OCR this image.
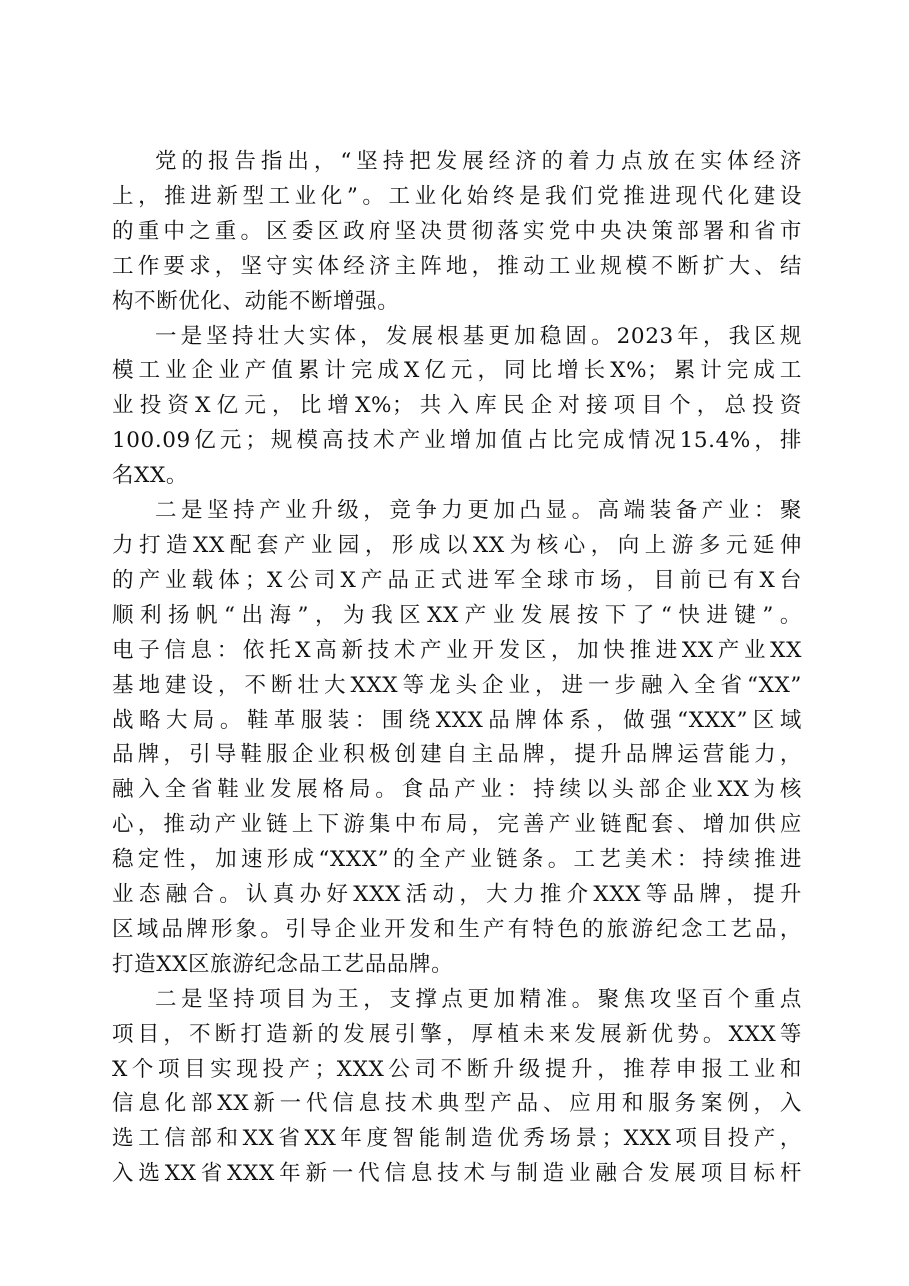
党的报告指出，“坚持把发展经济的着力点放在实体经济
上，推进新型工业化”。工业化始终是我们党推进现代化建设
的重中之重。区委区政府坚决贯彻落实党中央决策部署和省市
工作要求，坚守实体经济主阵地，推动工业规模不断扩大、结
构不断优化、动能不断增强。
一是坚持壮大实体，发展根基更加稳固。2023年，我区规
模工业企业产值累计完成X亿元，同比增长X%；累计完成工
业投资X亿元，比增X%；共入库民企对接项目个，总投资
100.09亿元；规模高技术产业增加值占比完成情况15.4%，排
名XX。
二是坚持产业升级，竞争力更加凸显。高端装备产业：聚
力打造XX配套产业园，形成以XX为核心，向上游多元延伸
的产业载体；X公司X产品正式进军全球市场，目前已有X台
顺利扬帆“出海”，为我区XX产业发展按下了“快进键”。
电子信息：依托X高新技术产业开发区，加快推进XX产业XX
基地建设，不断壮大XXX等龙头企业，进一步融入全省“XX”
战略大局。鞋革服装：围绕XXX品牌体系，做强“XXX”区域
品牌，引导鞋服企业积极创建自主品牌，提升品牌运营能力，
融入全省鞋业发展格局。食品产业：持续以头部企业XX为核
心，推动产业链上下游集中布局，完善产业链配套、增加供应
稳定性，加速形成“XXX”的全产业链条。工艺美术：持续推进
业态融合。认真办好XXX活动，大力推介XXX等品牌，提升
区域品牌形象。引导企业开发和生产有特色的旅游纪念工艺品，
打造XX区旅游纪念品工艺品品牌。
二是坚持项目为王，支撑点更加精准。聚焦攻坚百个重点
项目，不断打造新的发展引擎，厚植未来发展新优势。XXX等
X个项目实现投产；XXX公司不断升级提升，推荐申报工业和
信息化部XX新一代信息技术典型产品、应用和服务案例，入
选工信部和XX省XX年度智能制造优秀场景；XXX项目投产，
入选XX省XXX年新一代信息技术与制造业融合发展项目标杆
